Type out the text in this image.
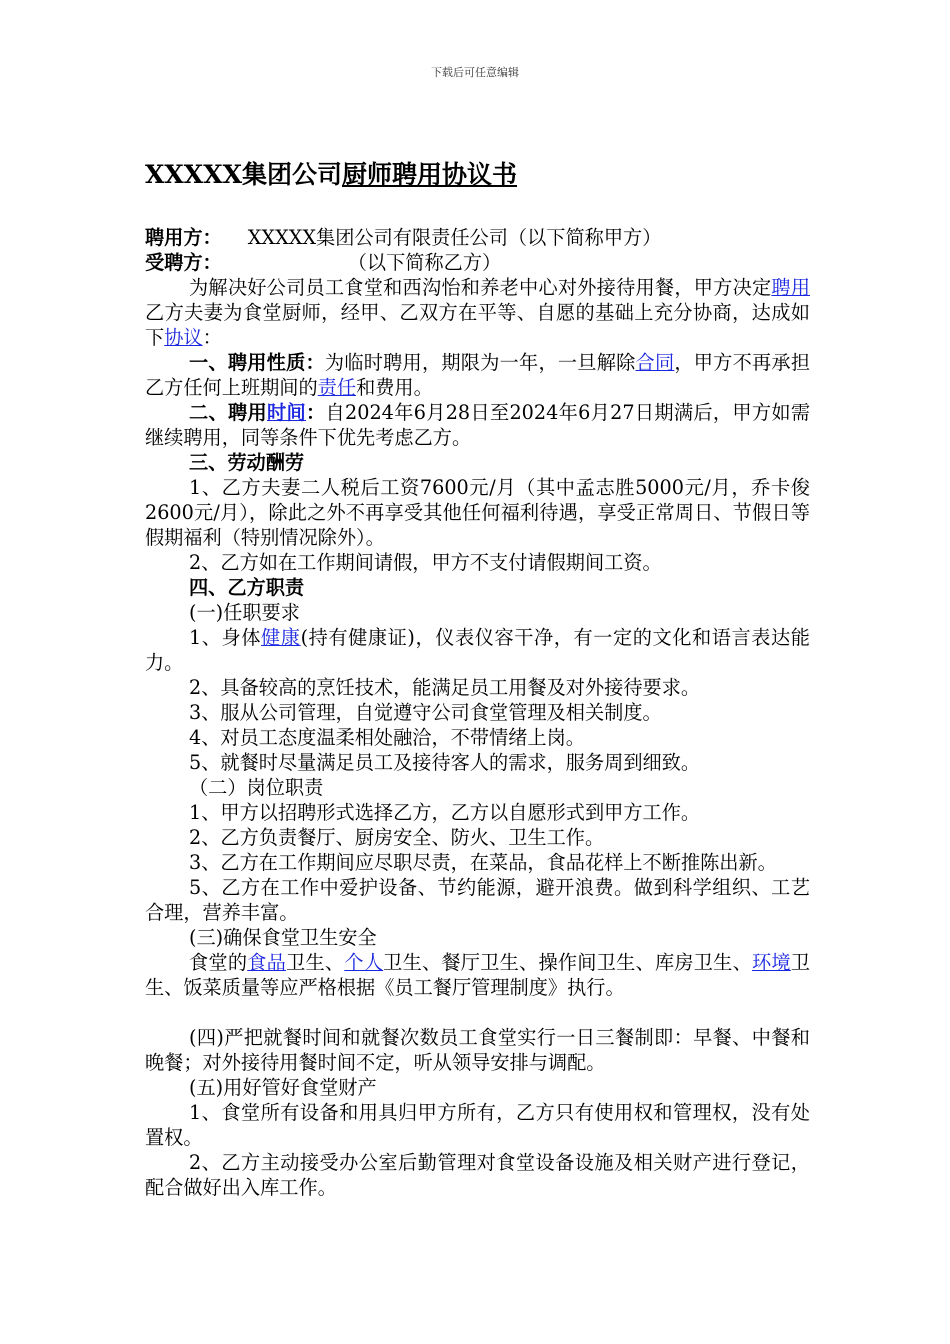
下载后可任意编辑
XXXXX集团公司厨师聘用协议书

聘用方： XXXXX集团公司有限责任公司（以下简称甲方）

受聘方：	（以下简称乙方）

为解决好公司员工食堂和西沟怡和养老中心对外接待用餐，甲方决定聘用乙方夫妻为食堂厨师，经甲、乙双方在平等、自愿的基础上充分协商，达成如下协议：

一、聘用性质：为临时聘用，期限为一年，一旦解除合同，甲方不再承担乙方任何上班期间的责任和费用。

二、聘用时间：自2024年6月28日至2024年6月27日期满后，甲方如需继续聘用，同等条件下优先考虑乙方。

三、劳动酬劳

1、乙方夫妻二人税后工资7600元/月（其中孟志胜5000元/月，乔卡俊2600元/月），除此之外不再享受其他任何福利待遇，享受正常周日、节假日等假期福利（特别情况除外）。

2、乙方如在工作期间请假，甲方不支付请假期间工资。

四、乙方职责

(一)任职要求

1、身体健康(持有健康证)，仪表仪容干净，有一定的文化和语言表达能力。

2、具备较高的烹饪技术，能满足员工用餐及对外接待要求。

3、服从公司管理，自觉遵守公司食堂管理及相关制度。

4、对员工态度温柔相处融洽，不带情绪上岗。

5、就餐时尽量满足员工及接待客人的需求，服务周到细致。

（二）岗位职责

1、甲方以招聘形式选择乙方，乙方以自愿形式到甲方工作。

2、乙方负责餐厅、厨房安全、防火、卫生工作。

3、乙方在工作期间应尽职尽责，在菜品，食品花样上不断推陈出新。

5、乙方在工作中爱护设备、节约能源，避开浪费。做到科学组织、工艺合理，营养丰富。

(三)确保食堂卫生安全

食堂的食品卫生、个人卫生、餐厅卫生、操作间卫生、库房卫生、环境卫生、饭菜质量等应严格根据《员工餐厅管理制度》执行。

(四)严把就餐时间和就餐次数员工食堂实行一日三餐制即：早餐、中餐和晚餐；对外接待用餐时间不定，听从领导安排与调配。

(五)用好管好食堂财产

1、食堂所有设备和用具归甲方所有，乙方只有使用权和管理权，没有处置权。

2、乙方主动接受办公室后勤管理对食堂设备设施及相关财产进行登记，配合做好出入库工作。
